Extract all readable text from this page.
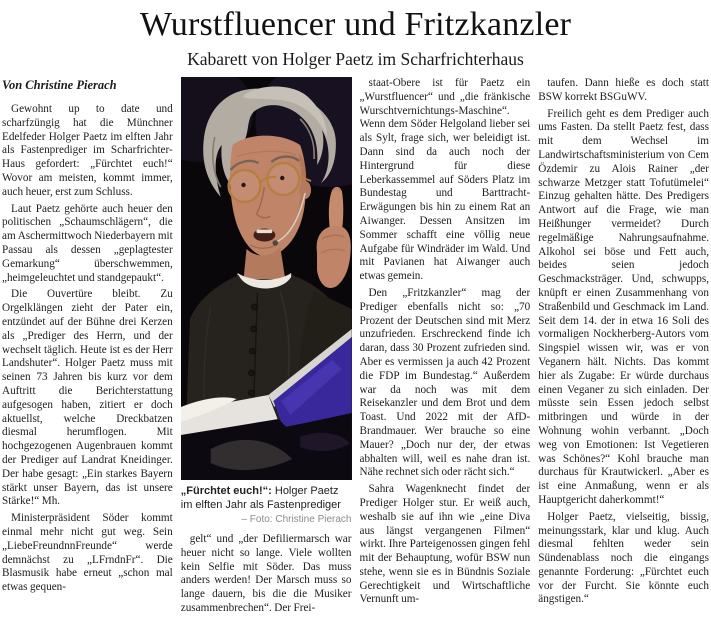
Wurstfluencer und Fritzkanzler
Kabarett von Holger Paetz im Scharfrichterhaus
Von Christine Pierach

Gewohnt up to date und scharfzüngig hat die Münchner Edelfeder Holger Paetz im elften Jahr als Fastenprediger im Scharfrichter-Haus gefordert: „Fürchtet euch!“ Wovor am meisten, kommt immer, auch heuer, erst zum Schluss.

Laut Paetz gehörte auch heuer den politischen „Schaumschlägern“, die am Aschermittwoch Niederbayern mit Passau als dessen „geplagtester Gemarkung“ überschwemmen, „heimgeleuchtet und standgepaukt“.

Die Ouvertüre bleibt. Zu Orgelklängen zieht der Pater ein, entzündet auf der Bühne drei Kerzen als „Prediger des Herrn, und der wechselt täglich. Heute ist es der Herr Landshuter“. Holger Paetz muss mit seinen 73 Jahren bis kurz vor dem Auftritt die Berichterstattung aufgesogen haben, zitiert er doch aktuellst, welche Dreckbatzen diesmal herumflogen. Mit hochgezogenen Augenbrauen kommt der Prediger auf Landrat Kneidinger. Der habe gesagt: „Ein starkes Bayern stärkt unser Bayern, das ist unsere Stärke!“ Mh.

Ministerpräsident Söder kommt einmal mehr nicht gut weg. Sein „LiebeFreundnnFreunde“ werde demnächst zu „LFrndnFr“. Die Blasmusik habe erneut „schon mal etwas gequen-

„Fürchtet euch!“: Holger Paetz im elften Jahr als Fastenprediger
– Foto: Christine Pierach

gelt“ und „der Defiliermarsch war heuer nicht so lange. Viele wollten kein Selfie mit Söder. Das muss anders werden! Der Marsch muss so lange dauern, bis die die Musiker zusammenbrechen“. Der Frei-

staat-Obere ist für Paetz ein „Wurstfluencer“ und „die fränkische Wurschtvernichtungs-Maschine“. Wenn dem Söder Helgoland lieber sei als Sylt, frage sich, wer beleidigt ist. Dann sind da auch noch der Hintergrund für diese Leberkassemmel auf Söders Platz im Bundestag und Barttracht-Erwägungen bis hin zu einem Rat an Aiwanger. Dessen Ansitzen im Sommer schafft eine völlig neue Aufgabe für Windräder im Wald. Und mit Pavianen hat Aiwanger auch etwas gemein.

Den „Fritzkanzler“ mag der Prediger ebenfalls nicht so: „70 Prozent der Deutschen sind mit Merz unzufrieden. Erschreckend finde ich daran, dass 30 Prozent zufrieden sind. Aber es vermissen ja auch 42 Prozent die FDP im Bundestag.“ Außerdem war da noch was mit dem Reisekanzler und dem Brot und dem Toast. Und 2022 mit der AfD-Brandmauer. Wer brauche so eine Mauer? „Doch nur der, der etwas abhalten will, weil es nahe dran ist. Nähe rechnet sich oder rächt sich.“

Sahra Wagenknecht findet der Prediger Holger stur. Er weiß auch, weshalb sie auf ihn wie „eine Diva aus längst vergangenen Filmen“ wirkt. Ihre Parteigenossen gingen fehl mit der Behauptung, wofür BSW nun stehe, wenn sie es in Bündnis Soziale Gerechtigkeit und Wirtschaftliche Vernunft um-

taufen. Dann hieße es doch statt BSW korrekt BSGuWV.

Freilich geht es dem Prediger auch ums Fasten. Da stellt Paetz fest, dass mit dem Wechsel im Landwirtschaftsministerium von Cem Özdemir zu Alois Rainer „der schwarze Metzger statt Tofutümelei“ Einzug gehalten hätte. Des Predigers Antwort auf die Frage, wie man Heißhunger vermeidet? Durch regelmäßige Nahrungsaufnahme. Alkohol sei böse und Fett auch, beides seien jedoch Geschmacksträger. Und, schwupps, knüpft er einen Zusammenhang von Straßenbild und Geschmack im Land. Seit dem 14. der in etwa 16 Soli des vormaligen Nockherberg-Autors vom Singspiel wissen wir, was er von Veganern hält. Nichts. Das kommt hier als Zugabe: Er würde durchaus einen Veganer zu sich einladen. Der müsste sein Essen jedoch selbst mitbringen und würde in der Wohnung wohin verbannt. „Doch weg von Emotionen: Ist Vegetieren was Schönes?“ Kohl brauche man durchaus für Krautwickerl. „Aber es ist eine Anmaßung, wenn er als Hauptgericht daherkommt!“

Holger Paetz, vielseitig, bissig, meinungsstark, klar und klug. Auch diesmal fehlten weder sein Sündenablass noch die eingangs genannte Forderung: „Fürchtet euch vor der Furcht. Sie könnte euch ängstigen.“
